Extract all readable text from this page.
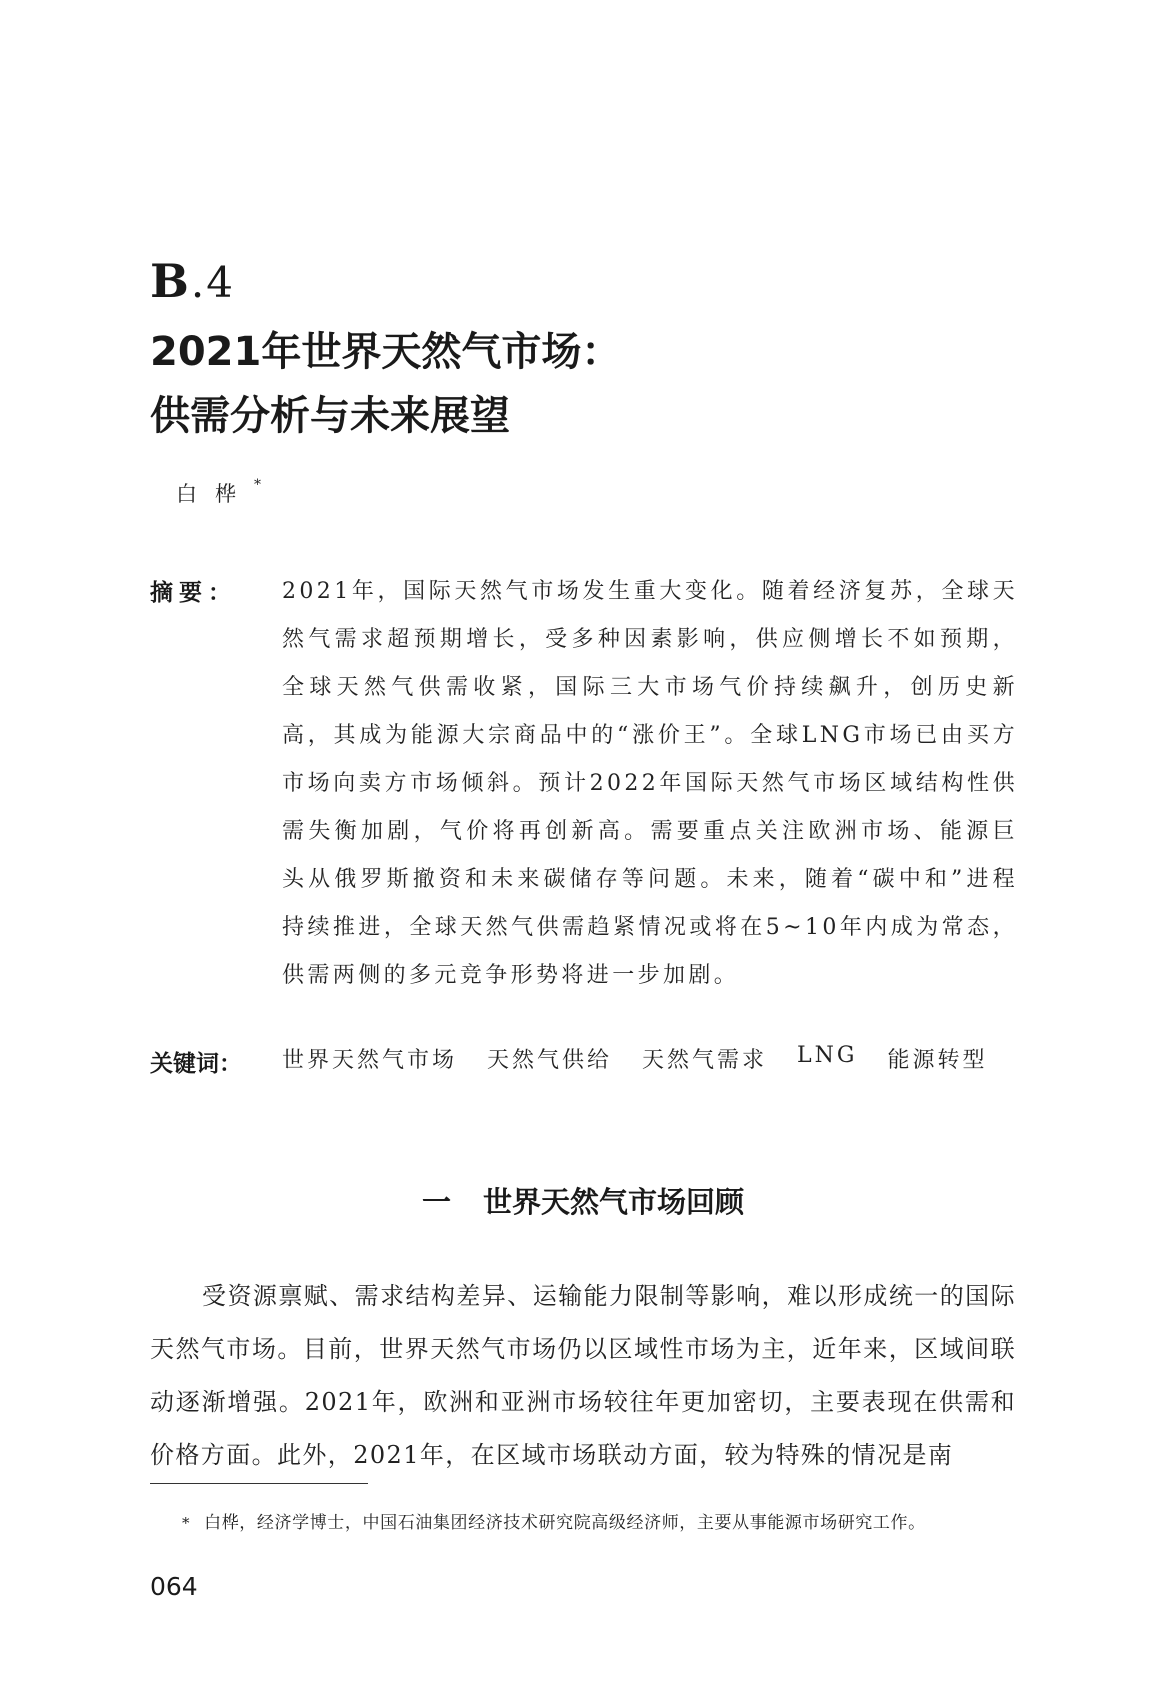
B.4
2021年世界天然气市场：
供需分析与未来展望
白桦*
摘要： 2021年，国际天然气市场发生重大变化。随着经济复苏，全球天然气需求超预期增长，受多种因素影响，供应侧增长不如预期，全球天然气供需收紧，国际三大市场气价持续飙升，创历史新高，其成为能源大宗商品中的“涨价王”。全球LNG市场已由买方市场向卖方市场倾斜。预计2022年国际天然气市场区域结构性供需失衡加剧，气价将再创新高。需要重点关注欧洲市场、能源巨头从俄罗斯撤资和未来碳储存等问题。未来，随着“碳中和”进程持续推进，全球天然气供需趋紧情况或将在5~10年内成为常态，供需两侧的多元竞争形势将进一步加剧。

关键词： 世界天然气市场 天然气供给 天然气需求 LNG 能源转型
一 世界天然气市场回顾

受资源禀赋、需求结构差异、运输能力限制等影响，难以形成统一的国际天然气市场。目前，世界天然气市场仍以区域性市场为主，近年来，区域间联动逐渐增强。2021年，欧洲和亚洲市场较往年更加密切，主要表现在供需和价格方面。此外，2021年，在区域市场联动方面，较为特殊的情况是南

* 白桦，经济学博士，中国石油集团经济技术研究院高级经济师，主要从事能源市场研究工作。
064
